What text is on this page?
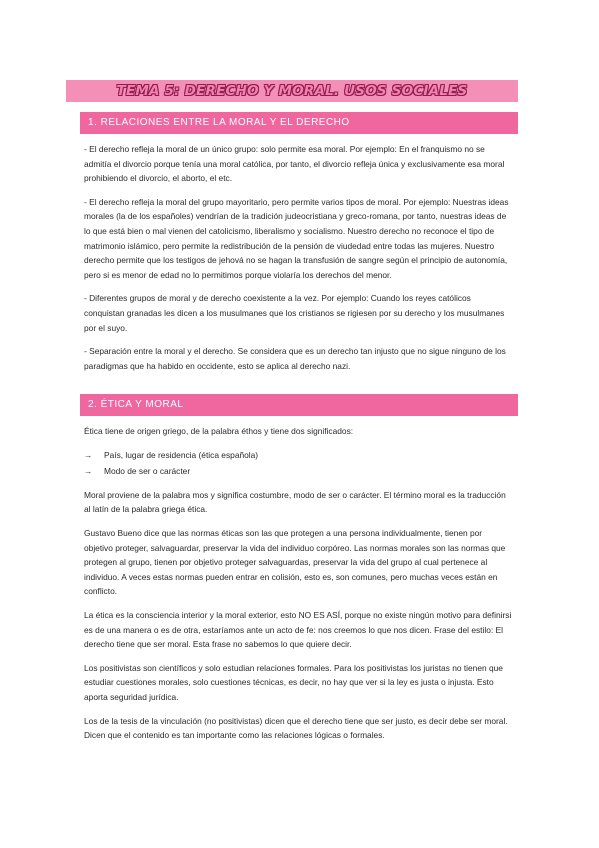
TEMA 5: DERECHO Y MORAL. USOS SOCIALES
1. RELACIONES ENTRE LA MORAL Y EL DERECHO

- El derecho refleja la moral de un único grupo: solo permite esa moral. Por ejemplo: En el franquismo no se admitía el divorcio porque tenía una moral católica, por tanto, el divorcio refleja única y exclusivamente esa moral prohibiendo el divorcio, el aborto, el etc.

- El derecho refleja la moral del grupo mayoritario, pero permite varios tipos de moral. Por ejemplo: Nuestras ideas morales (la de los españoles) vendrían de la tradición judeocristiana y greco-romana, por tanto, nuestras ideas de lo que está bien o mal vienen del catolicismo, liberalismo y socialismo. Nuestro derecho no reconoce el tipo de matrimonio islámico, pero permite la redistribución de la pensión de viudedad entre todas las mujeres. Nuestro derecho permite que los testigos de jehová no se hagan la transfusión de sangre según el principio de autonomía, pero si es menor de edad no lo permitimos porque violaría los derechos del menor.

- Diferentes grupos de moral y de derecho coexistente a la vez. Por ejemplo: Cuando los reyes católicos conquistan granadas les dicen a los musulmanes que los cristianos se rigiesen por su derecho y los musulmanes por el suyo.

- Separación entre la moral y el derecho. Se considera que es un derecho tan injusto que no sigue ninguno de los paradigmas que ha habido en occidente, esto se aplica al derecho nazi.

2. ÉTICA Y MORAL

Ética tiene de origen griego, de la palabra éthos y tiene dos significados:

→ País, lugar de residencia (ética española)
→ Modo de ser o carácter

Moral proviene de la palabra mos y significa costumbre, modo de ser o carácter. El término moral es la traducción al latín de la palabra griega ética.

Gustavo Bueno dice que las normas éticas son las que protegen a una persona individualmente, tienen por objetivo proteger, salvaguardar, preservar la vida del individuo corpóreo. Las normas morales son las normas que protegen al grupo, tienen por objetivo proteger salvaguardas, preservar la vida del grupo al cual pertenece al individuo. A veces estas normas pueden entrar en colisión, esto es, son comunes, pero muchas veces están en conflicto.

La ética es la consciencia interior y la moral exterior, esto NO ES ASÍ, porque no existe ningún motivo para definirsi es de una manera o es de otra, estaríamos ante un acto de fe: nos creemos lo que nos dicen. Frase del estilo: El derecho tiene que ser moral. Esta frase no sabemos lo que quiere decir.

Los positivistas son científicos y solo estudian relaciones formales. Para los positivistas los juristas no tienen que estudiar cuestiones morales, solo cuestiones técnicas, es decir, no hay que ver si la ley es justa o injusta. Esto aporta seguridad jurídica.

Los de la tesis de la vinculación (no positivistas) dicen que el derecho tiene que ser justo, es decir debe ser moral. Dicen que el contenido es tan importante como las relaciones lógicas o formales.
